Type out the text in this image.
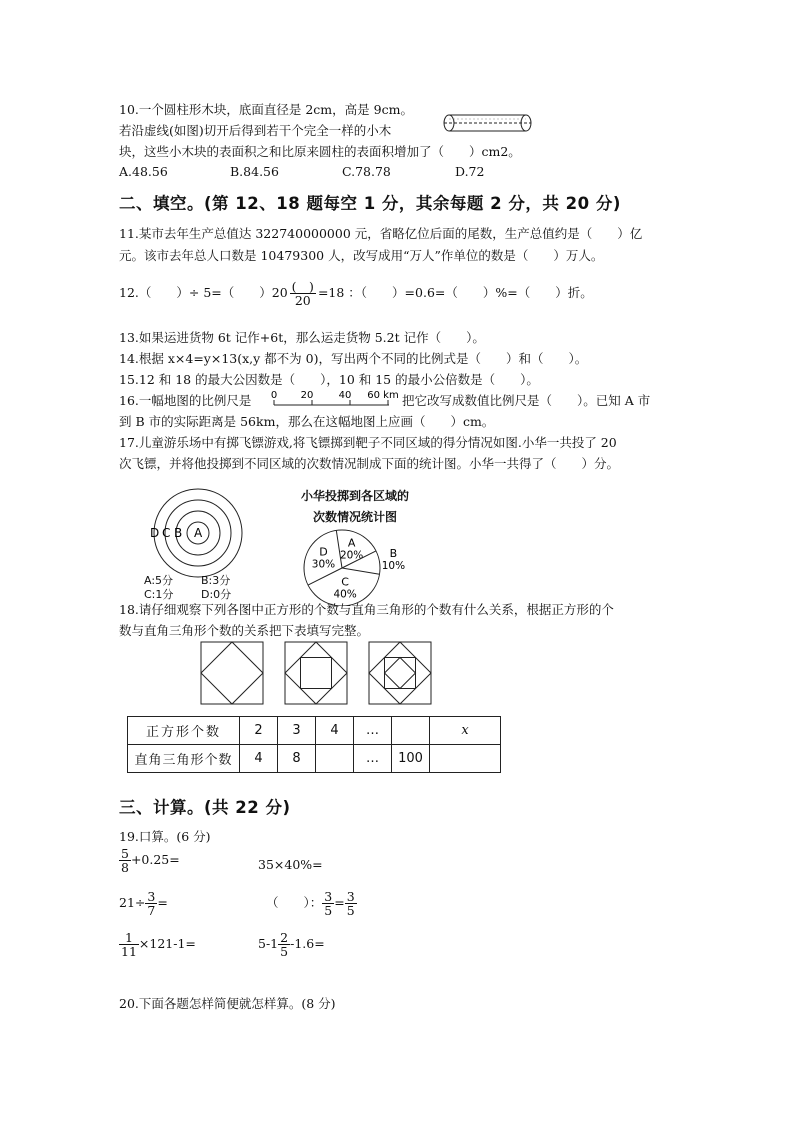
10.一个圆柱形木块，底面直径是 2cm，高是 9cm。
若沿虚线(如图)切开后得到若干个完全一样的小木
块，这些小木块的表面积之和比原来圆柱的表面积增加了（　　）cm2。
A.48.56	B.84.56	C.78.78	D.72
二、填空。(第 12、18 题每空 1 分，其余每题 2 分，共 20 分)
11.某市去年生产总值达 322740000000 元，省略亿位后面的尾数，生产总值约是（　　）亿
元。该市去年总人口数是 10479300 人，改写成用“万人”作单位的数是（　　）万人。
12.（　　）÷ 5=（　　）$20 \frac{( )}{20} =18$ ：（　　）=0.6=（　　）%=（　　）折。
13.如果运进货物 6t 记作+6t，那么运走货物 5.2t 记作（　　）。
14.根据 x×4=y×13(x,y 都不为 0)，写出两个不同的比例式是（　　）和（　　）。
15.12 和 18 的最大公因数是（　　），10 和 15 的最小公倍数是（　　）。
16.一幅地图的比例尺是 0 20	40 60 km 把它改写成数值比例尺是（　　）。已知 A 市
到 B 市的实际距离是 56km，那么在这幅地图上应画（　　）cm。
17.儿童游乐场中有掷飞镖游戏,将飞镖掷到靶子不同区域的得分情况如图.小华一共投了 20
次飞镖，并将他投掷到不同区域的次数情况制成下面的统计图。小华一共得了（　　）分。
D C B A
A:5分	B:3分
C:1分	D:0分
小华投掷到各区域的
次数情况统计图
A
20% B
10%
C
40%
D
30%
18.请仔细观察下列各图中正方形的个数与直角三角形的个数有什么关系，根据正方形的个
数与直角三角形个数的关系把下表填写完整。
正方形个数	2	3	4	…		x
直角三角形个数	4	8		…	100	
三、计算。(共 22 分)
19.口算。(6 分)
$\frac{5}{8} +0.25=$	35×40%=
$21\div \frac{3}{7}$ =	（　　）： $\frac{3}{5} = \frac{3}{5}$
$\frac{1}{11} \times 121-1=$	$5-1 \frac{2}{5} -1.6=$
20.下面各题怎样简便就怎样算。(8 分)
